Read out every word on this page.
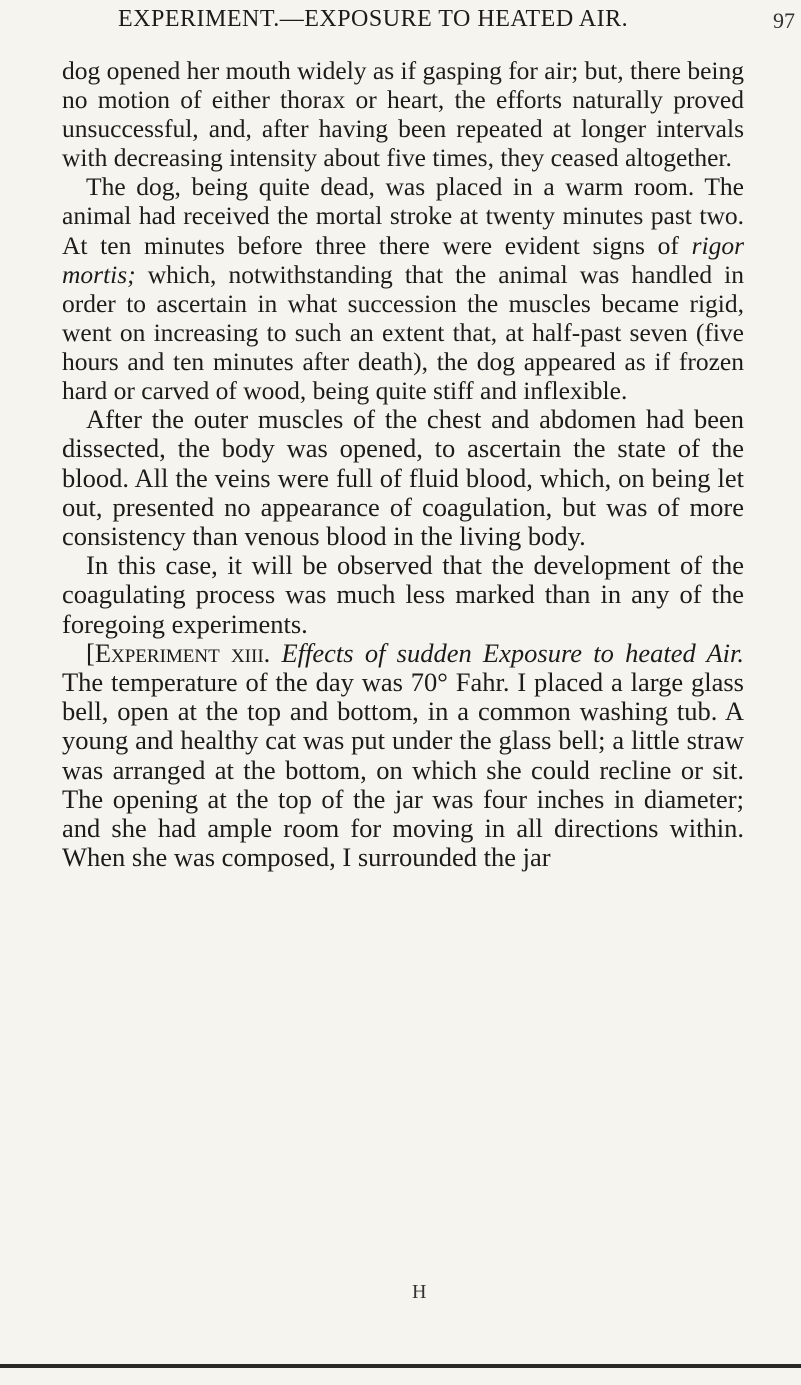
EXPERIMENT.—EXPOSURE TO HEATED AIR.	97

dog opened her mouth widely as if gasping for air; but, there being no motion of either thorax or heart, the efforts naturally proved unsuccessful, and, after having been repeated at longer intervals with decreasing intensity about five times, they ceased altogether.

The dog, being quite dead, was placed in a warm room. The animal had received the mortal stroke at twenty minutes past two. At ten minutes before three there were evident signs of rigor mortis; which, notwithstanding that the animal was handled in order to ascertain in what succession the muscles became rigid, went on increasing to such an extent that, at half-past seven (five hours and ten minutes after death), the dog appeared as if frozen hard or carved of wood, being quite stiff and inflexible.

After the outer muscles of the chest and abdomen had been dissected, the body was opened, to ascertain the state of the blood. All the veins were full of fluid blood, which, on being let out, presented no appearance of coagulation, but was of more consistency than venous blood in the living body.

In this case, it will be observed that the development of the coagulating process was much less marked than in any of the foregoing experiments.

[Experiment xiii. Effects of sudden Exposure to heated Air. The temperature of the day was 70° Fahr. I placed a large glass bell, open at the top and bottom, in a common washing tub. A young and healthy cat was put under the glass bell; a little straw was arranged at the bottom, on which she could recline or sit. The opening at the top of the jar was four inches in diameter; and she had ample room for moving in all directions within. When she was composed, I surrounded the jar

H
